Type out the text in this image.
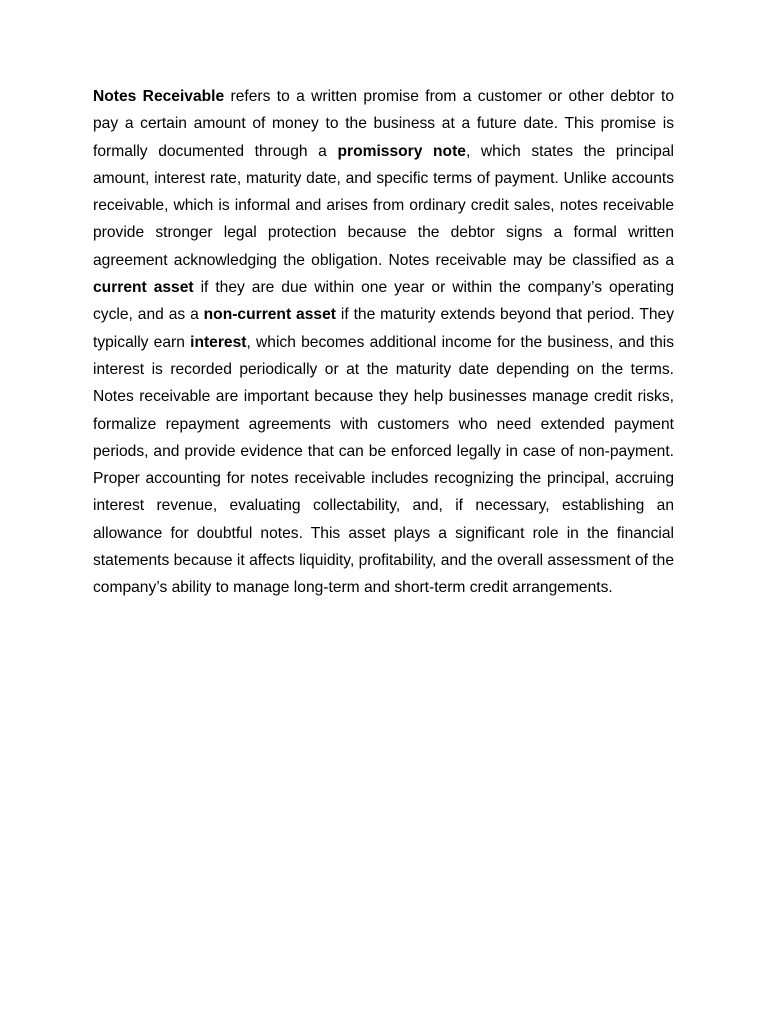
Notes Receivable refers to a written promise from a customer or other debtor to pay a certain amount of money to the business at a future date. This promise is formally documented through a promissory note, which states the principal amount, interest rate, maturity date, and specific terms of payment. Unlike accounts receivable, which is informal and arises from ordinary credit sales, notes receivable provide stronger legal protection because the debtor signs a formal written agreement acknowledging the obligation. Notes receivable may be classified as a current asset if they are due within one year or within the company’s operating cycle, and as a non-current asset if the maturity extends beyond that period. They typically earn interest, which becomes additional income for the business, and this interest is recorded periodically or at the maturity date depending on the terms. Notes receivable are important because they help businesses manage credit risks, formalize repayment agreements with customers who need extended payment periods, and provide evidence that can be enforced legally in case of non-payment. Proper accounting for notes receivable includes recognizing the principal, accruing interest revenue, evaluating collectability, and, if necessary, establishing an allowance for doubtful notes. This asset plays a significant role in the financial statements because it affects liquidity, profitability, and the overall assessment of the company’s ability to manage long-term and short-term credit arrangements.
